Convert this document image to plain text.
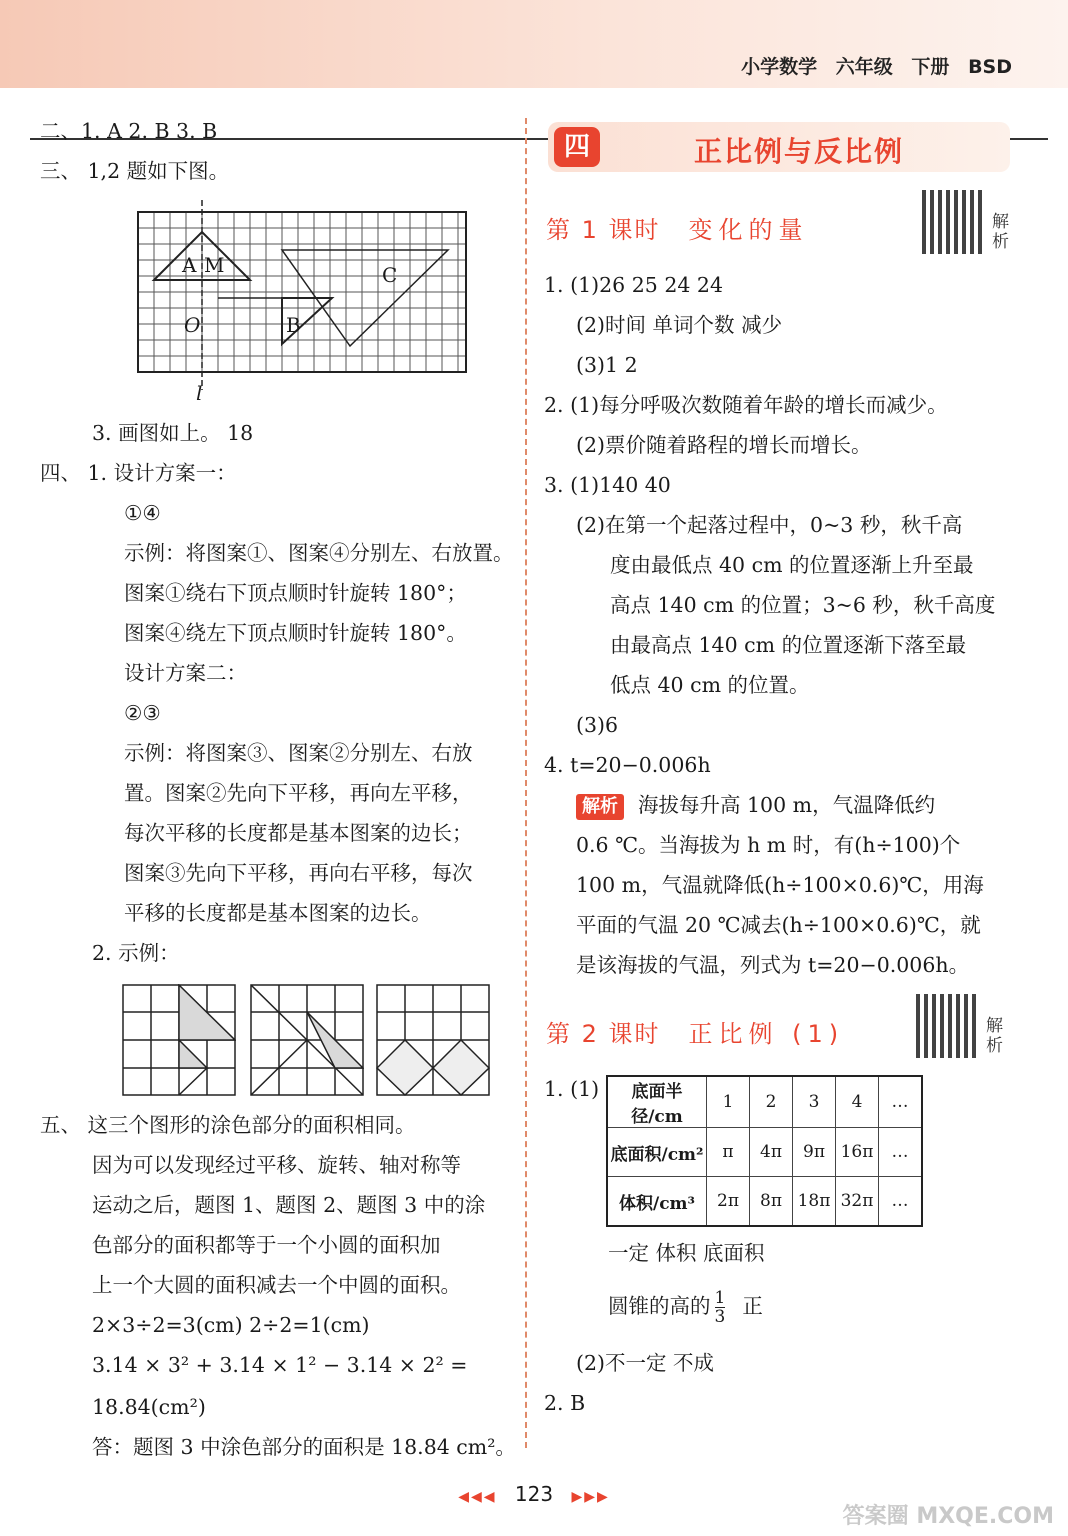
小学数学 六年级 下册 BSD
二、1. A 2. B 3. B
三、 1,2 题如下图。
A M	C
O	B
l
3. 画图如上。 18
四、 1. 设计方案一：
①④
示例：将图案①、图案④分别左、右放置。
图案①绕右下顶点顺时针旋转 180°；
图案④绕左下顶点顺时针旋转 180°。
设计方案二：
②③
示例：将图案③、图案②分别左、右放
置。图案②先向下平移，再向左平移，
每次平移的长度都是基本图案的边长；
图案③先向下平移，再向右平移，每次
平移的长度都是基本图案的边长。
2. 示例：
五、 这三个图形的涂色部分的面积相同。
因为可以发现经过平移、旋转、轴对称等
运动之后，题图 1、题图 2、题图 3 中的涂
色部分的面积都等于一个小圆的面积加
上一个大圆的面积减去一个中圆的面积。
2×3÷2=3(cm) 2÷2=1(cm)
3.14 × 3² + 3.14 × 1² − 3.14 × 2² =
18.84(cm²)
答：题图 3 中涂色部分的面积是 18.84 cm²。
四	正比例与反比例
第 1 课时 变化的量	解析
1. (1)26 25 24 24
(2)时间 单词个数 减少
(3)1 2
2. (1)每分呼吸次数随着年龄的增长而减少。
(2)票价随着路程的增长而增长。
3. (1)140 40
(2)在第一个起落过程中，0~3 秒，秋千高
度由最低点 40 cm 的位置逐渐上升至最
高点 140 cm 的位置；3~6 秒，秋千高度
由最高点 140 cm 的位置逐渐下落至最
低点 40 cm 的位置。
(3)6
4. t=20−0.006h
解析 海拔每升高 100 m，气温降低约
0.6 ℃。当海拔为 h m 时，有(h÷100)个
100 m，气温就降低(h÷100×0.6)℃，用海
平面的气温 20 ℃减去(h÷100×0.6)℃，就
是该海拔的气温，列式为 t=20−0.006h。
第 2 课时 正比例 (1)	解析
1. (1) 底面半径/cm	1	2	3	4	…
底面积/cm²	π	4π	9π	16π	…
体积/cm³	2π	8π	18π	32π	…
一定 体积 底面积
圆锥的高的 $\frac{1}{3}$ 正
(2)不一定 不成
2. B
◀◀◀ 123 ▶▶▶
答案圈 MXQE.COM
